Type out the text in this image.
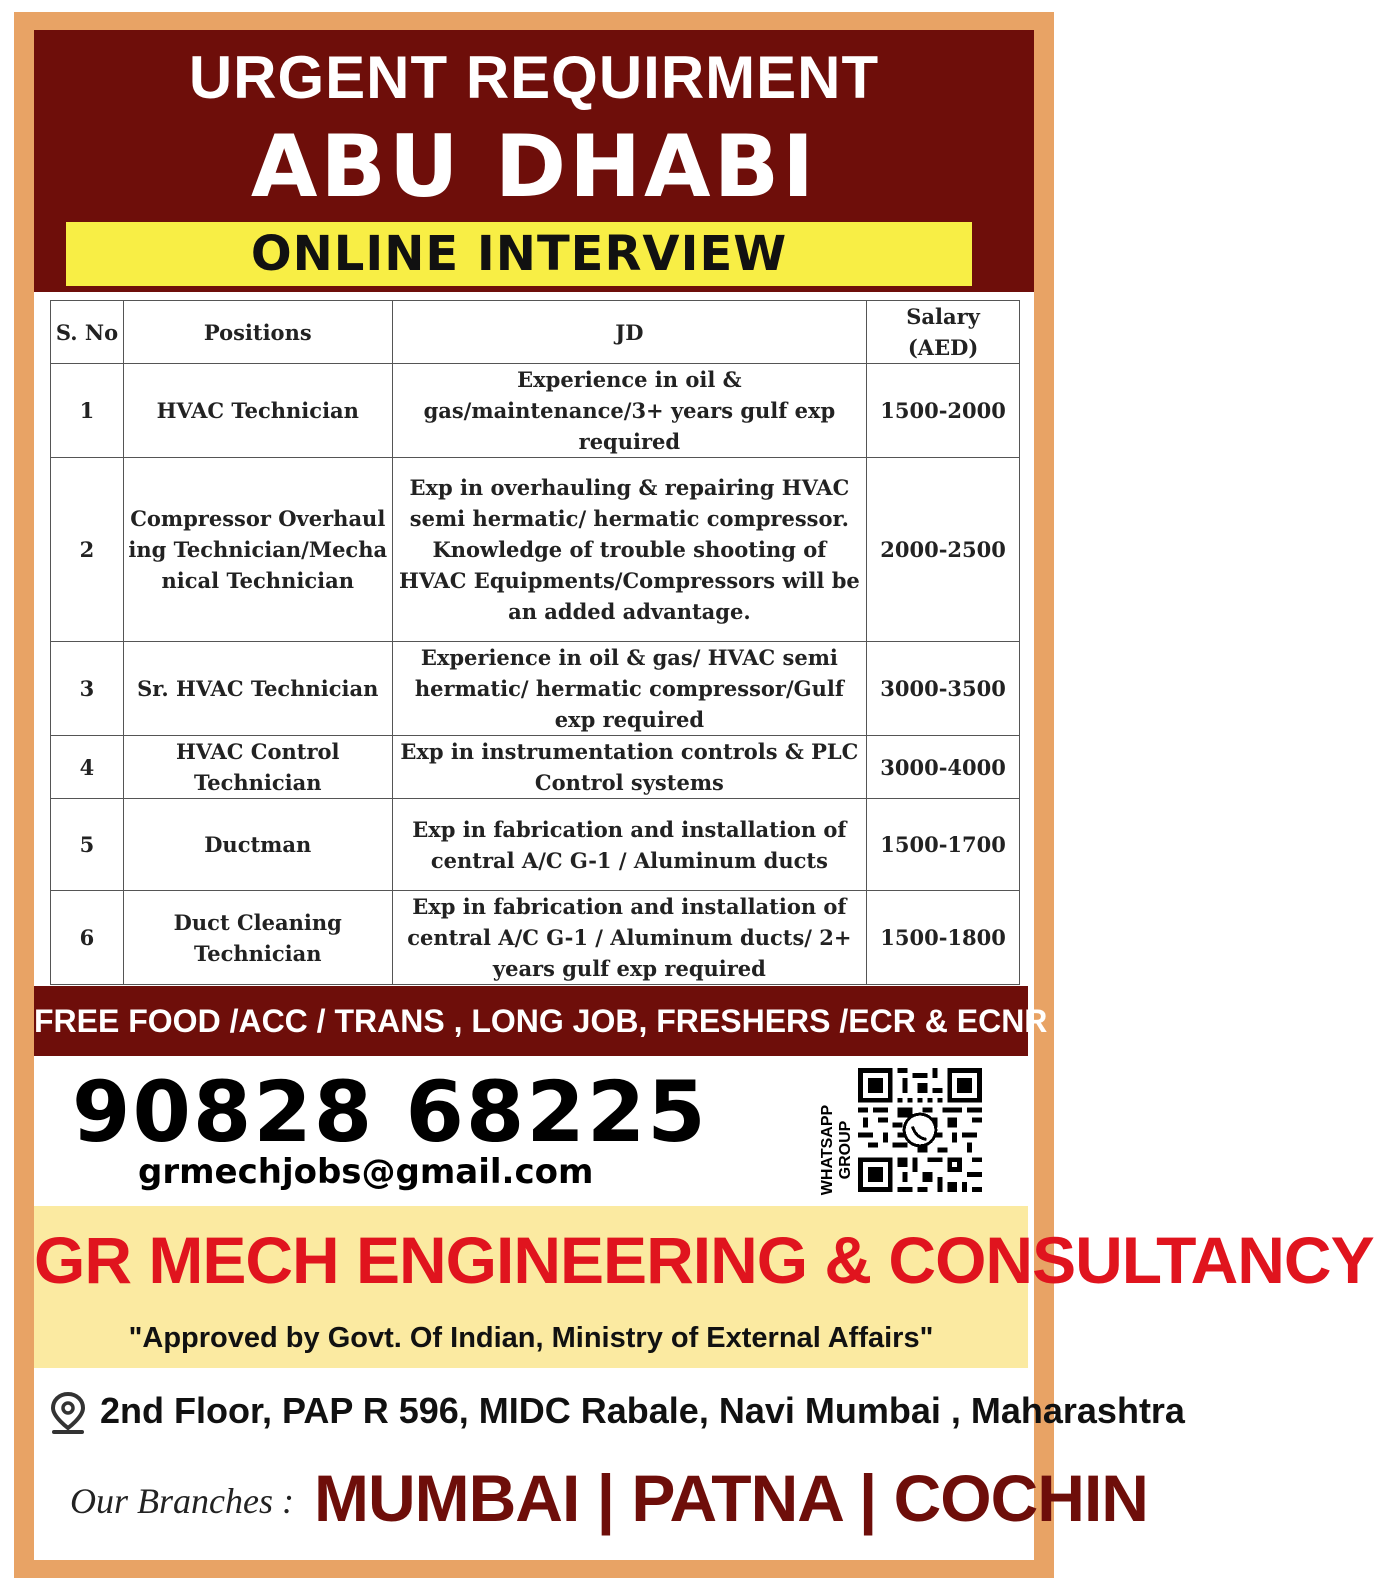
URGENT REQUIRMENT
ABU DHABI
ONLINE INTERVIEW
S. No	Positions	JD	Salary
(AED)
1	HVAC Technician	Experience in oil & gas/maintenance/3+ years gulf exp required	1500-2000
2	Compressor Overhauling Technician/Mechanical Technician	Exp in overhauling & repairing HVAC semi hermatic/ hermatic compressor. Knowledge of trouble shooting of HVAC Equipments/Compressors will be an added advantage.	2000-2500
3	Sr. HVAC Technician	Experience in oil & gas/ HVAC semi hermatic/ hermatic compressor/Gulf exp required	3000-3500
4	HVAC Control Technician	Exp in instrumentation controls & PLC Control systems	3000-4000
5	Ductman	Exp in fabrication and installation of central A/C G-1 / Aluminum ducts	1500-1700
6	Duct Cleaning Technician	Exp in fabrication and installation of central A/C G-1 / Aluminum ducts/ 2+ years gulf exp required	1500-1800
FREE FOOD /ACC / TRANS , LONG JOB, FRESHERS /ECR & ECNR ACCPETED
90828 68225
grmechjobs@gmail.com	WHATSAPP
GROUP
GR MECH ENGINEERING & CONSULTANCY
"Approved by Govt. Of Indian, Ministry of External Affairs"
2nd Floor, PAP R 596, MIDC Rabale, Navi Mumbai , Maharashtra
Our Branches : MUMBAI | PATNA | COCHIN
